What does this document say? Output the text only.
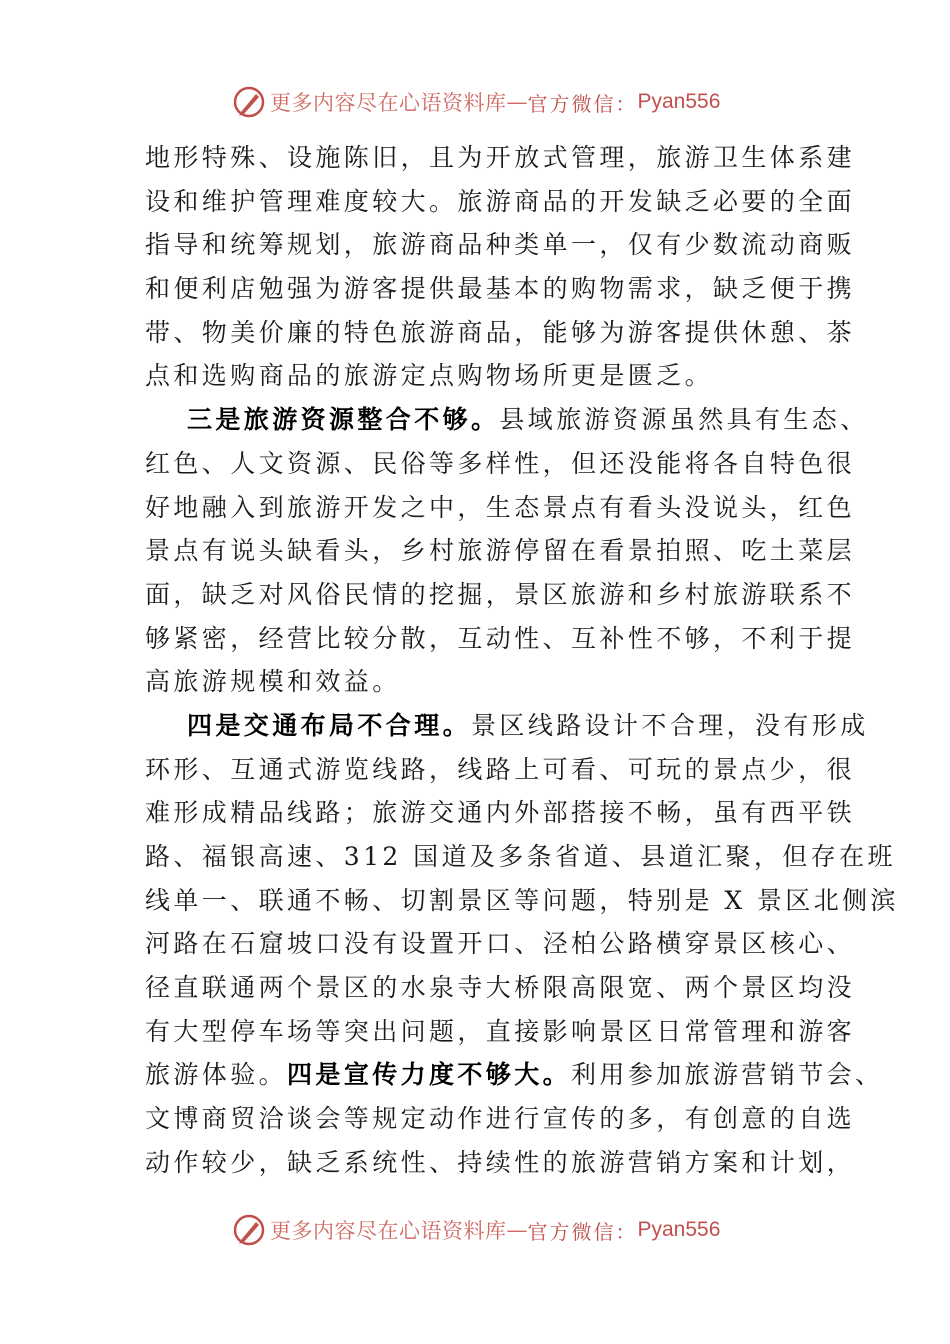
更多内容尽在心语资料库 — 官方微信： Pyan556
地形特殊、设施陈旧，且为开放式管理，旅游卫生体系建
设和维护管理难度较大。旅游商品的开发缺乏必要的全面
指导和统筹规划，旅游商品种类单一，仅有少数流动商贩
和便利店勉强为游客提供最基本的购物需求，缺乏便于携
带、物美价廉的特色旅游商品，能够为游客提供休憩、茶
点和选购商品的旅游定点购物场所更是匮乏。
三是旅游资源整合不够。县域旅游资源虽然具有生态、
红色、人文资源、民俗等多样性，但还没能将各自特色很
好地融入到旅游开发之中，生态景点有看头没说头，红色
景点有说头缺看头，乡村旅游停留在看景拍照、吃土菜层
面，缺乏对风俗民情的挖掘，景区旅游和乡村旅游联系不
够紧密，经营比较分散，互动性、互补性不够，不利于提
高旅游规模和效益。
四是交通布局不合理。景区线路设计不合理，没有形成
环形、互通式游览线路，线路上可看、可玩的景点少，很
难形成精品线路；旅游交通内外部搭接不畅，虽有西平铁
路、福银高速、312 国道及多条省道、县道汇聚，但存在班
线单一、联通不畅、切割景区等问题，特别是 X 景区北侧滨
河路在石窟坡口没有设置开口、泾柏公路横穿景区核心、
径直联通两个景区的水泉寺大桥限高限宽、两个景区均没
有大型停车场等突出问题，直接影响景区日常管理和游客
旅游体验。四是宣传力度不够大。利用参加旅游营销节会、
文博商贸洽谈会等规定动作进行宣传的多，有创意的自选
动作较少，缺乏系统性、持续性的旅游营销方案和计划，
更多内容尽在心语资料库 — 官方微信： Pyan556
